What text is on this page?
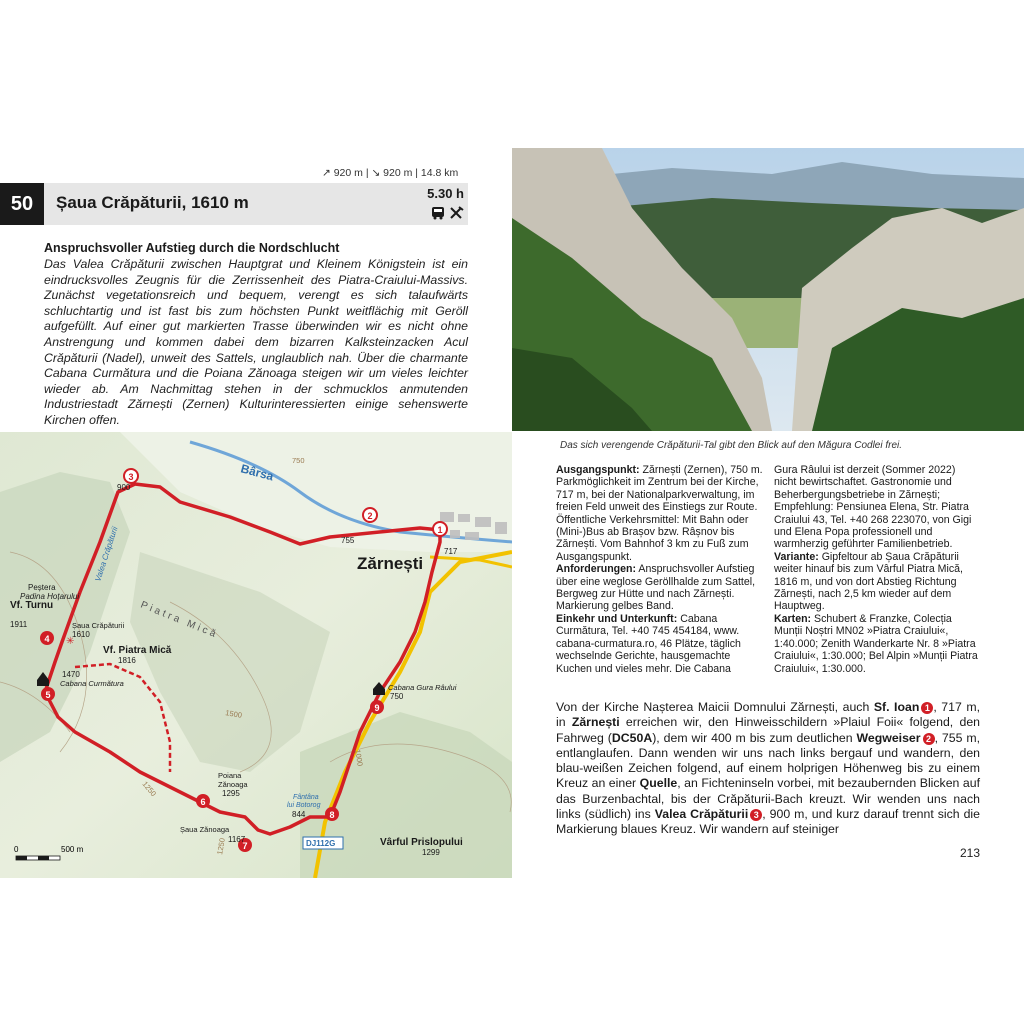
↗ 920 m | ↘ 920 m | 14.8 km
50	Șaua Crăpăturii, 1610 m	5.30 h
Anspruchsvoller Aufstieg durch die Nordschlucht
Das Valea Crăpăturii zwischen Hauptgrat und Kleinem Königstein ist ein eindrucksvolles Zeugnis für die Zerrissenheit des Piatra-Craiului-Massivs. Zunächst vegetationsreich und bequem, verengt es sich talaufwärts schluchtartig und ist fast bis zum höchsten Punkt weitflächig mit Geröll aufgefüllt. Auf einer gut markierten Trasse überwinden wir es nicht ohne Anstrengung und kommen dabei dem bizarren Kalksteinzacken Acul Crăpăturii (Nadel), unweit des Sattels, unglaublich nah. Über die charmante Cabana Curmătura und die Poiana Zănoaga steigen wir um vieles leichter wieder ab. Am Nachmittag stehen in der schmucklos anmutenden Industriestadt Zărnești (Zernen) Kulturinteressierten einige sehenswerte Kirchen offen.
1
2
3
4
5
6
7
8
9
✳
Bârsa
Zărnești
Valea Crăpăturii
Piatra Mică
Peștera
Padina Hoțarului
Vf. Turnu
1911	Șaua Crăpăturii
1610
Vf. Piatra Mică
1816
1470
Cabana Curmătura	Cabana Gura Râului
750
Poiana
Zănoaga
1295
Șaua Zănoaga
1167
Fântâna
lui Botorog
844
DJ112G	Vârful Prislopului
1299
900
755
717
750
1500
1000
1250
1250
0	500 m
Das sich verengende Crăpăturii-Tal gibt den Blick auf den Măgura Codlei frei.
Ausgangspunkt: Zărnești (Zernen), 750 m. Parkmöglichkeit im Zentrum bei der Kirche, 717 m, bei der Nationalparkverwaltung, im freien Feld unweit des Einstiegs zur Route. Öffentliche Verkehrsmittel: Mit Bahn oder (Mini-)Bus ab Brașov bzw. Râșnov bis Zărnești. Vom Bahnhof 3 km zu Fuß zum Ausgangspunkt.
Anforderungen: Anspruchsvoller Aufstieg über eine weglose Geröllhalde zum Sattel, Bergweg zur Hütte und nach Zărnești. Markierung gelbes Band.
Einkehr und Unterkunft: Cabana Curmătura, Tel. +40 745 454184, www. cabana-curmatura.ro, 46 Plätze, täglich wechselnde Gerichte, hausgemachte Kuchen und vieles mehr. Die Cabana
Gura Râului ist derzeit (Sommer 2022) nicht bewirtschaftet. Gastronomie und Beherbergungsbetriebe in Zărnești; Empfehlung: Pensiunea Elena, Str. Piatra Craiului 43, Tel. +40 268 223070, von Gigi und Elena Popa professionell und warmherzig geführter Familienbetrieb.
Variante: Gipfeltour ab Șaua Crăpăturii weiter hinauf bis zum Vârful Piatra Mică, 1816 m, und von dort Abstieg Richtung Zărnești, nach 2,5 km wieder auf dem Hauptweg.
Karten: Schubert & Franzke, Colecția Munții Noștri MN02 »Piatra Craiului«, 1:40.000; Zenith Wanderkarte Nr. 8 »Piatra Craiului«, 1:30.000; Bel Alpin »Munții Piatra Craiului«, 1:30.000.
Von der Kirche Nașterea Maicii Domnului Zărnești, auch Sf. Ioan 1 , 717 m, in Zărnești erreichen wir, den Hinweisschildern »Plaiul Foii« folgend, den Fahrweg (DC50A), dem wir 400 m bis zum deutlichen Wegweiser 2 , 755 m, entlanglaufen. Dann wenden wir uns nach links bergauf und wandern, den blau-weißen Zeichen folgend, auf einem holprigen Höhenweg bis zu einem Kreuz an einer Quelle, an Fichteninseln vorbei, mit bezaubernden Blicken auf das Burzenbachtal, bis der Crăpăturii-Bach kreuzt. Wir wenden uns nach links (südlich) ins Valea Crăpăturii 3 , 900 m, und kurz darauf trennt sich die Markierung blaues Kreuz. Wir wandern auf steiniger
213
